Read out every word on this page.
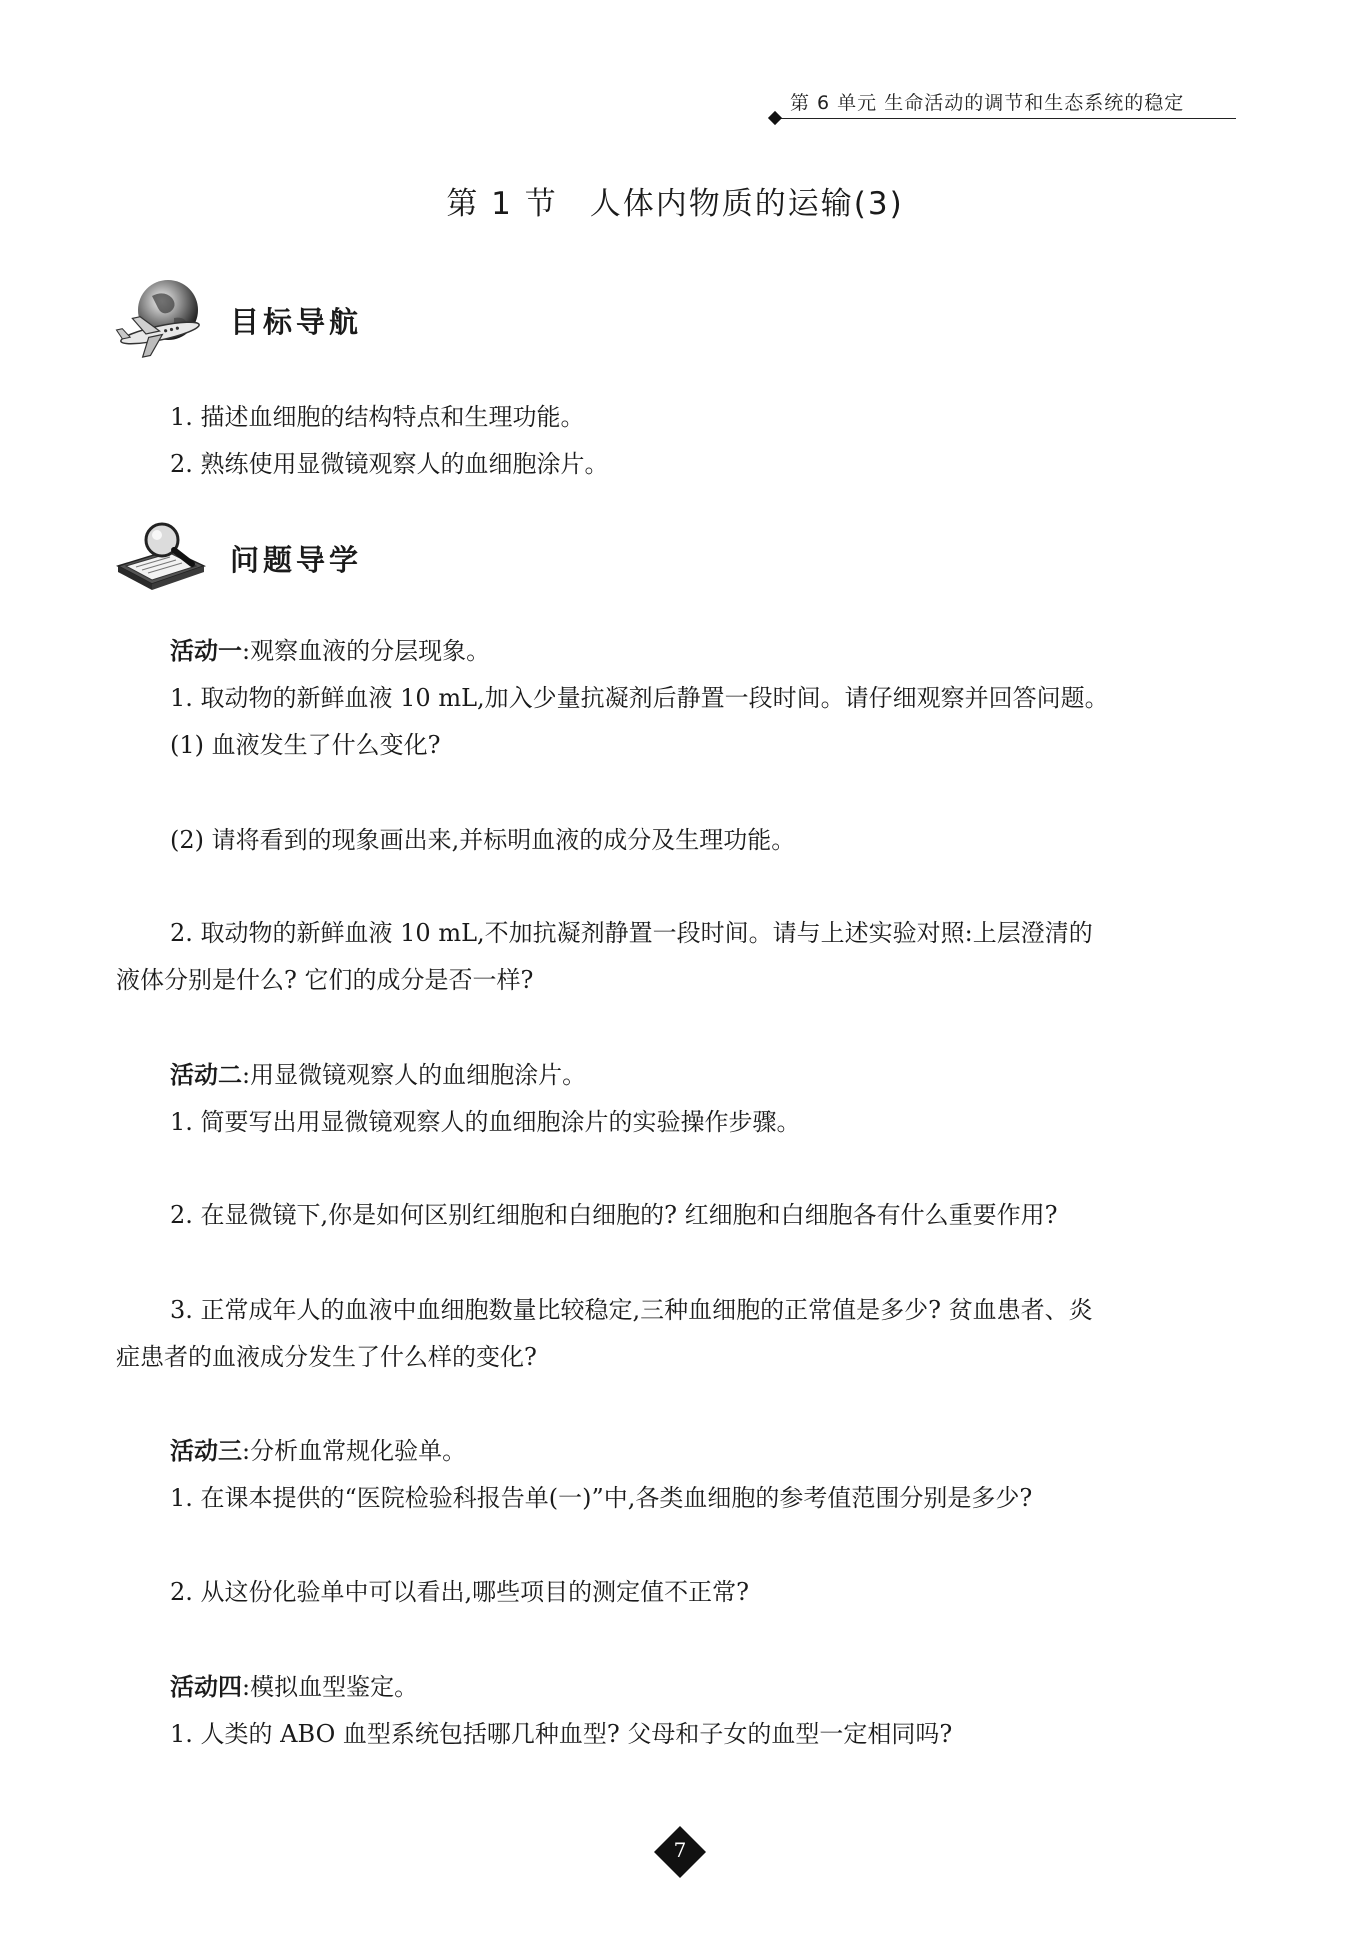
第 6 单元 生命活动的调节和生态系统的稳定
第 1 节 人体内物质的运输(3)
目标导航
1. 描述血细胞的结构特点和生理功能。
2. 熟练使用显微镜观察人的血细胞涂片。
问题导学
活动一:观察血液的分层现象。
1. 取动物的新鲜血液 10 mL,加入少量抗凝剂后静置一段时间。请仔细观察并回答问题。
(1) 血液发生了什么变化?
(2) 请将看到的现象画出来,并标明血液的成分及生理功能。
2. 取动物的新鲜血液 10 mL,不加抗凝剂静置一段时间。请与上述实验对照:上层澄清的
液体分别是什么? 它们的成分是否一样?
活动二:用显微镜观察人的血细胞涂片。
1. 简要写出用显微镜观察人的血细胞涂片的实验操作步骤。
2. 在显微镜下,你是如何区别红细胞和白细胞的? 红细胞和白细胞各有什么重要作用?
3. 正常成年人的血液中血细胞数量比较稳定,三种血细胞的正常值是多少? 贫血患者、炎
症患者的血液成分发生了什么样的变化?
活动三:分析血常规化验单。
1. 在课本提供的“医院检验科报告单(一)”中,各类血细胞的参考值范围分别是多少?
2. 从这份化验单中可以看出,哪些项目的测定值不正常?
活动四:模拟血型鉴定。
1. 人类的 ABO 血型系统包括哪几种血型? 父母和子女的血型一定相同吗?
7
